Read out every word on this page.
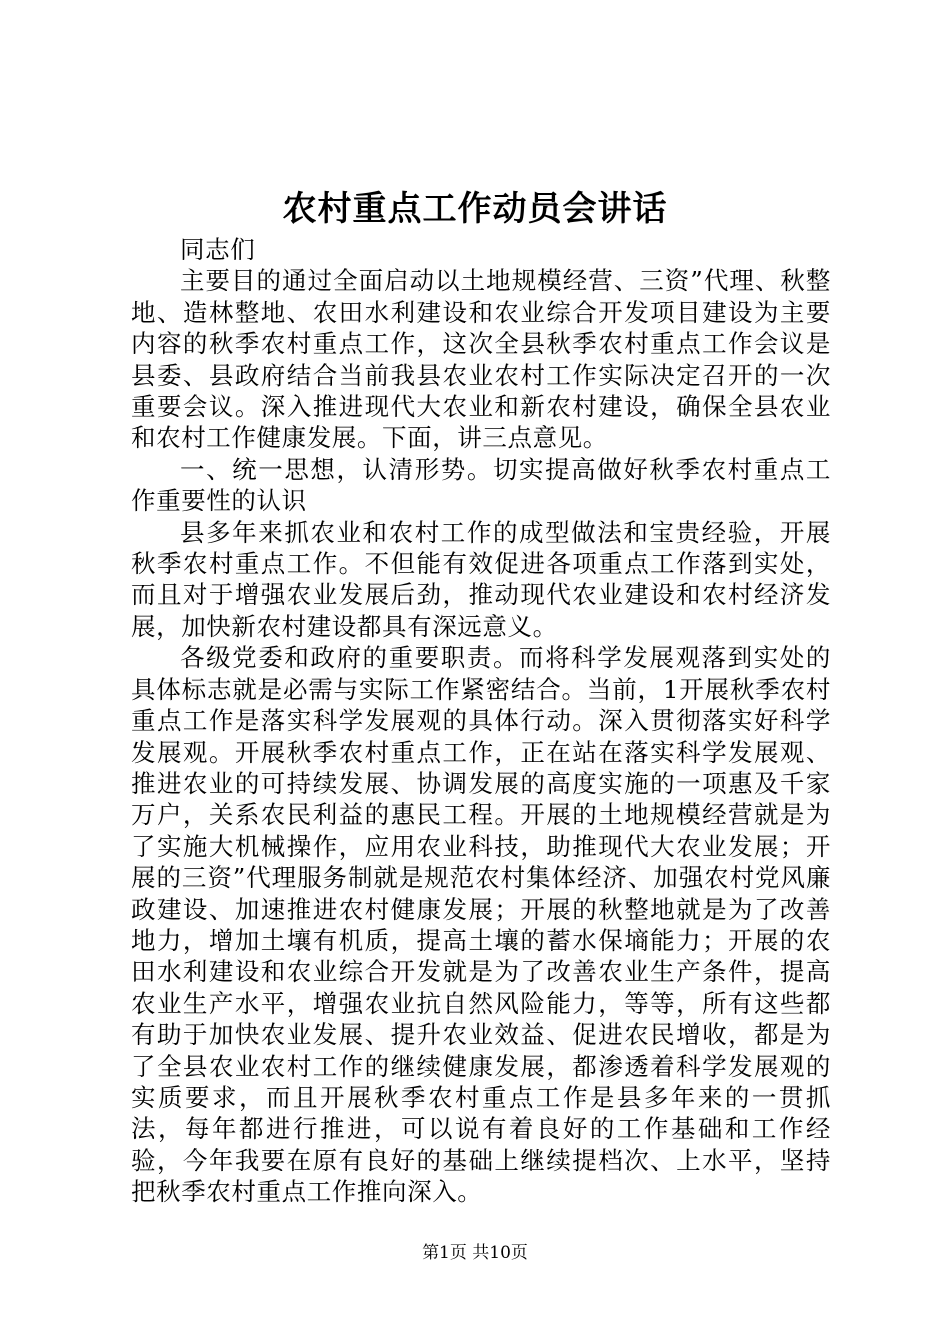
农村重点工作动员会讲话

同志们

主要目的通过全面启动以土地规模经营、三资”代理、秋整地、造林整地、农田水利建设和农业综合开发项目建设为主要内容的秋季农村重点工作，这次全县秋季农村重点工作会议是县委、县政府结合当前我县农业农村工作实际决定召开的一次重要会议。深入推进现代大农业和新农村建设，确保全县农业和农村工作健康发展。下面，讲三点意见。

一、统一思想，认清形势。切实提高做好秋季农村重点工作重要性的认识

县多年来抓农业和农村工作的成型做法和宝贵经验，开展秋季农村重点工作。不但能有效促进各项重点工作落到实处，而且对于增强农业发展后劲，推动现代农业建设和农村经济发展，加快新农村建设都具有深远意义。

各级党委和政府的重要职责。而将科学发展观落到实处的具体标志就是必需与实际工作紧密结合。当前，1开展秋季农村重点工作是落实科学发展观的具体行动。深入贯彻落实好科学发展观。开展秋季农村重点工作，正在站在落实科学发展观、推进农业的可持续发展、协调发展的高度实施的一项惠及千家万户，关系农民利益的惠民工程。开展的土地规模经营就是为了实施大机械操作，应用农业科技，助推现代大农业发展；开展的三资”代理服务制就是规范农村集体经济、加强农村党风廉政建设、加速推进农村健康发展；开展的秋整地就是为了改善地力，增加土壤有机质，提高土壤的蓄水保墒能力；开展的农田水利建设和农业综合开发就是为了改善农业生产条件，提高农业生产水平，增强农业抗自然风险能力，等等，所有这些都有助于加快农业发展、提升农业效益、促进农民增收，都是为了全县农业农村工作的继续健康发展，都渗透着科学发展观的实质要求，而且开展秋季农村重点工作是县多年来的一贯抓法，每年都进行推进，可以说有着良好的工作基础和工作经验，今年我要在原有良好的基础上继续提档次、上水平，坚持把秋季农村重点工作推向深入。

第1页 共10页
